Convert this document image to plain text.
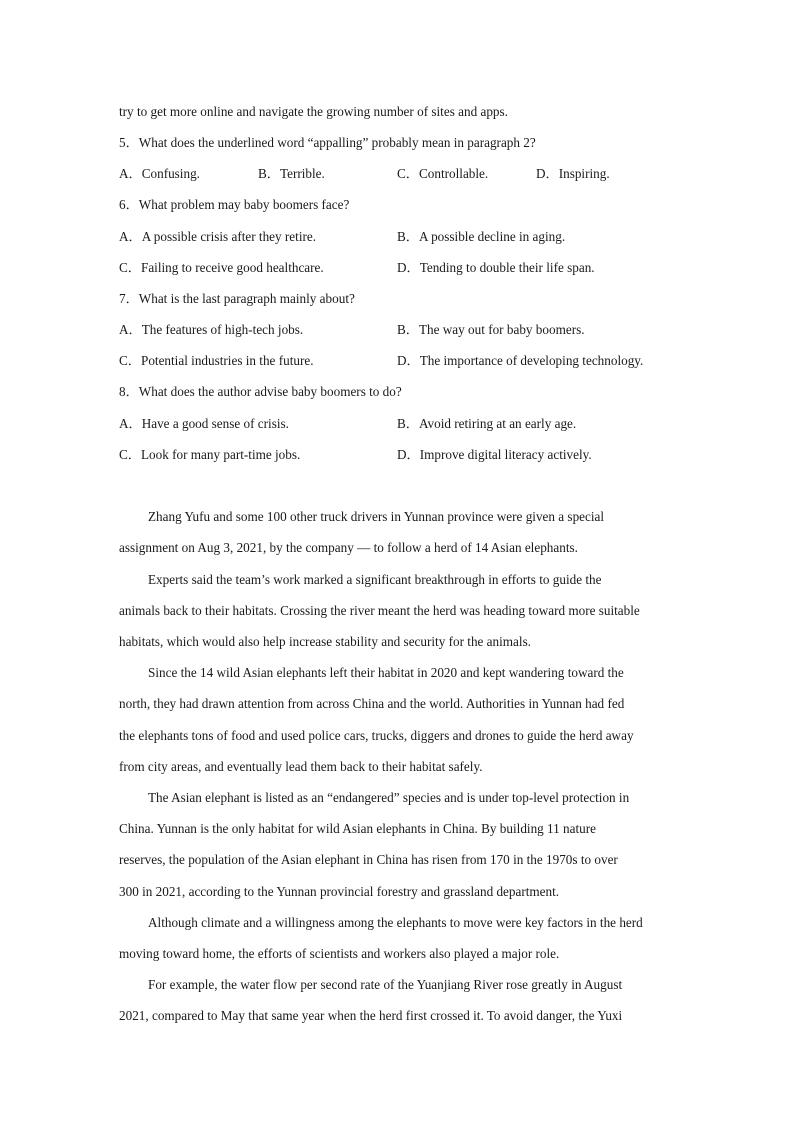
try to get more online and navigate the growing number of sites and apps.
5．What does the underlined word “appalling” probably mean in paragraph 2?
A．Confusing.	B．Terrible.	C．Controllable.	D．Inspiring.
6．What problem may baby boomers face?
A．A possible crisis after they retire.	B．A possible decline in aging.
C．Failing to receive good healthcare.	D．Tending to double their life span.
7．What is the last paragraph mainly about?
A．The features of high-tech jobs.	B．The way out for baby boomers.
C．Potential industries in the future.	D．The importance of developing technology.
8．What does the author advise baby boomers to do?
A．Have a good sense of crisis.	B．Avoid retiring at an early age.
C．Look for many part-time jobs.	D．Improve digital literacy actively.
Zhang Yufu and some 100 other truck drivers in Yunnan province were given a special
assignment on Aug 3, 2021, by the company — to follow a herd of 14 Asian elephants.
Experts said the team’s work marked a significant breakthrough in efforts to guide the
animals back to their habitats. Crossing the river meant the herd was heading toward more suitable
habitats, which would also help increase stability and security for the animals.
Since the 14 wild Asian elephants left their habitat in 2020 and kept wandering toward the
north, they had drawn attention from across China and the world. Authorities in Yunnan had fed
the elephants tons of food and used police cars, trucks, diggers and drones to guide the herd away
from city areas, and eventually lead them back to their habitat safely.
The Asian elephant is listed as an “endangered” species and is under top-level protection in
China. Yunnan is the only habitat for wild Asian elephants in China. By building 11 nature
reserves, the population of the Asian elephant in China has risen from 170 in the 1970s to over
300 in 2021, according to the Yunnan provincial forestry and grassland department.
Although climate and a willingness among the elephants to move were key factors in the herd
moving toward home, the efforts of scientists and workers also played a major role.
For example, the water flow per second rate of the Yuanjiang River rose greatly in August
2021, compared to May that same year when the herd first crossed it. To avoid danger, the Yuxi
